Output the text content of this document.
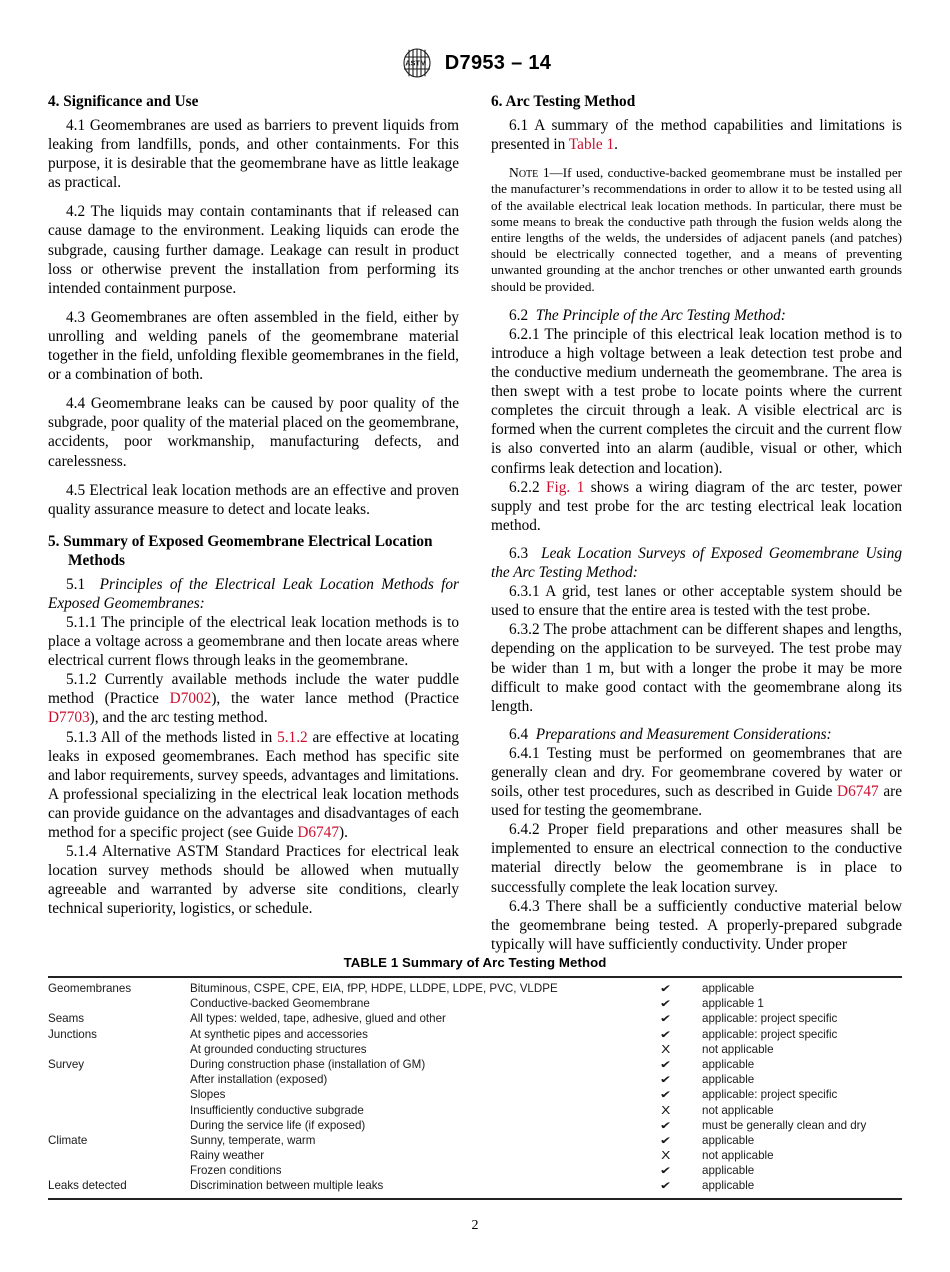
ASTM D7953 – 14
4. Significance and Use

4.1 Geomembranes are used as barriers to prevent liquids from leaking from landfills, ponds, and other containments. For this purpose, it is desirable that the geomembrane have as little leakage as practical.

4.2 The liquids may contain contaminants that if released can cause damage to the environment. Leaking liquids can erode the subgrade, causing further damage. Leakage can result in product loss or otherwise prevent the installation from performing its intended containment purpose.

4.3 Geomembranes are often assembled in the field, either by unrolling and welding panels of the geomembrane material together in the field, unfolding flexible geomembranes in the field, or a combination of both.

4.4 Geomembrane leaks can be caused by poor quality of the subgrade, poor quality of the material placed on the geomembrane, accidents, poor workmanship, manufacturing defects, and carelessness.

4.5 Electrical leak location methods are an effective and proven quality assurance measure to detect and locate leaks.

5. Summary of Exposed Geomembrane Electrical Location Methods

5.1 Principles of the Electrical Leak Location Methods for Exposed Geomembranes:

5.1.1 The principle of the electrical leak location methods is to place a voltage across a geomembrane and then locate areas where electrical current flows through leaks in the geomembrane.

5.1.2 Currently available methods include the water puddle method (Practice D7002), the water lance method (Practice D7703), and the arc testing method.

5.1.3 All of the methods listed in 5.1.2 are effective at locating leaks in exposed geomembranes. Each method has specific site and labor requirements, survey speeds, advantages and limitations. A professional specializing in the electrical leak location methods can provide guidance on the advantages and disadvantages of each method for a specific project (see Guide D6747).

5.1.4 Alternative ASTM Standard Practices for electrical leak location survey methods should be allowed when mutually agreeable and warranted by adverse site conditions, clearly technical superiority, logistics, or schedule.

6. Arc Testing Method

6.1 A summary of the method capabilities and limitations is presented in Table 1.

Note 1—If used, conductive-backed geomembrane must be installed per the manufacturer’s recommendations in order to allow it to be tested using all of the available electrical leak location methods. In particular, there must be some means to break the conductive path through the fusion welds along the entire lengths of the welds, the undersides of adjacent panels (and patches) should be electrically connected together, and a means of preventing unwanted grounding at the anchor trenches or other unwanted earth grounds should be provided.

6.2 The Principle of the Arc Testing Method:

6.2.1 The principle of this electrical leak location method is to introduce a high voltage between a leak detection test probe and the conductive medium underneath the geomembrane. The area is then swept with a test probe to locate points where the current completes the circuit through a leak. A visible electrical arc is formed when the current completes the circuit and the current flow is also converted into an alarm (audible, visual or other, which confirms leak detection and location).

6.2.2 Fig. 1 shows a wiring diagram of the arc tester, power supply and test probe for the arc testing electrical leak location method.

6.3 Leak Location Surveys of Exposed Geomembrane Using the Arc Testing Method:

6.3.1 A grid, test lanes or other acceptable system should be used to ensure that the entire area is tested with the test probe.

6.3.2 The probe attachment can be different shapes and lengths, depending on the application to be surveyed. The test probe may be wider than 1 m, but with a longer the probe it may be more difficult to make good contact with the geomembrane along its length.

6.4 Preparations and Measurement Considerations:

6.4.1 Testing must be performed on geomembranes that are generally clean and dry. For geomembrane covered by water or soils, other test procedures, such as described in Guide D6747 are used for testing the geomembrane.

6.4.2 Proper field preparations and other measures shall be implemented to ensure an electrical connection to the conductive material directly below the geomembrane is in place to successfully complete the leak location survey.

6.4.3 There shall be a sufficiently conductive material below the geomembrane being tested. A properly-prepared subgrade typically will have sufficiently conductivity. Under proper

TABLE 1 Summary of Arc Testing Method
Geomembranes	Bituminous, CSPE, CPE, EIA, fPP, HDPE, LLDPE, LDPE, PVC, VLDPE	✔	applicable
	Conductive-backed Geomembrane	✔	applicable 1
Seams	All types: welded, tape, adhesive, glued and other	✔	applicable: project specific
Junctions	At synthetic pipes and accessories	✔	applicable: project specific
	At grounded conducting structures	X	not applicable
Survey	During construction phase (installation of GM)	✔	applicable
	After installation (exposed)	✔	applicable
	Slopes	✔	applicable: project specific
	Insufficiently conductive subgrade	X	not applicable
	During the service life (if exposed)	✔	must be generally clean and dry
Climate	Sunny, temperate, warm	✔	applicable
	Rainy weather	X	not applicable
	Frozen conditions	✔	applicable
Leaks detected	Discrimination between multiple leaks	✔	applicable
2
